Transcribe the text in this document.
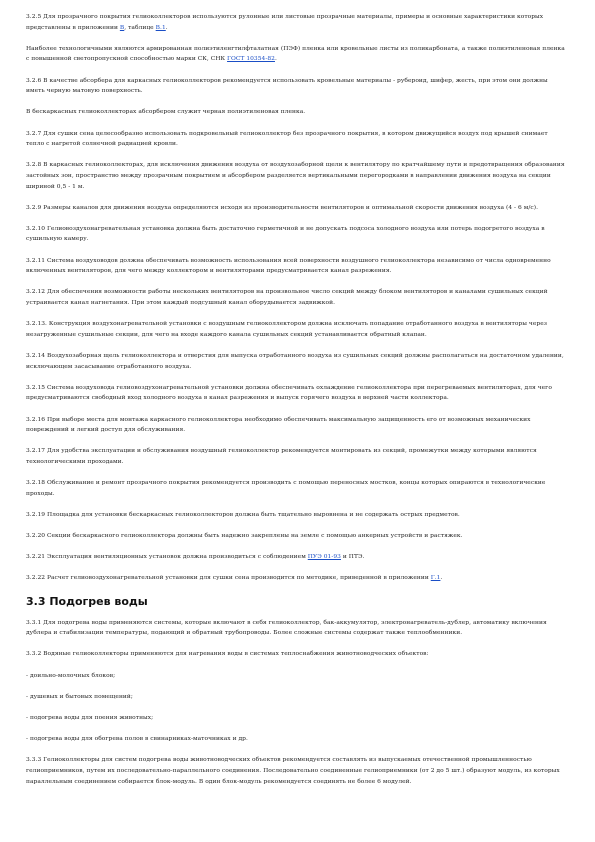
3.2.5 Для прозрачного покрытия гелиоколлекторов используются рулонные или листовые прозрачные материалы, примеры и основные характеристики которых представлены в приложении В, таблице В.1.

Наиболее технологичными являются армированная полиэтиленгтилфталатная (ПЭФ) пленка или кровельные листы из поликарбоната, а также полиэтиленовая пленка с повышенной светопропускной способностью марки СК, СНК ГОСТ 10354-82.

3.2.6 В качестве абсорбера для каркасных гелиоколлекторов рекомендуется использовать кровельные материалы - рубероид, шифер, жесть, при этом они должны иметь черную матовую поверхность.

В бескаркасных гелиоколлекторах абсорбером служит черная полиэтиленовая пленка.

3.2.7 Для сушки сена целесообразно использовать подкровельный гелиоколлектор без прозрачного покрытия, в котором движущийся воздух под крышей снимает тепло с нагретой солнечной радиацией кровли.

3.2.8 В каркасных гелиоколлекторах, для исключения движения воздуха от воздухозаборной щели к вентилятору по кратчайшему пути и предотвращения образования застойных зон, пространство между прозрачным покрытием и абсорбером разделяется вертикальными перегородками в направлении движения воздуха на секции шириной 0,5 - 1 м.

3.2.9 Размеры каналов для движения воздуха определяются исходя из производительности вентиляторов и оптимальной скорости движения воздуха (4 - 6 м/с).

3.2.10 Гелиовоздухонагревательная установка должна быть достаточно герметичной и не допускать подсоса холодного воздуха или потерь подогретого воздуха в сушильную камеру.

3.2.11 Система воздуховодов должна обеспечивать возможность использования всей поверхности воздушного гелиоколлектора независимо от числа одновременно включенных вентиляторов, для чего между коллектором и вентиляторами предусматривается канал разрежения.

3.2.12 Для обеспечения возможности работы нескольких вентиляторов на произвольное число секций между блоком вентиляторов и каналами сушильных секций устраивается канал нагнетания. При этом каждый подсушный канал оборудывается задвижкой.

3.2.13. Конструкция воздухонагревательной установки с воздушным гелиоколлектором должна исключать попадание отработанного воздуха в вентиляторы через незагруженные сушильные секции, для чего на входе каждого канала сушильных секций устанавливается обратный клапан.

3.2.14 Воздухозаборная щель гелиоколлектора и отверстия для выпуска отработанного воздуха из сушильных секций должны располагаться на достаточном удалении, исключающем засасывание отработанного воздуха.

3.2.15 Система воздуховода гелиовоздухонагревательной установки должна обеспечивать охлаждение гелиоколлектора при перегреваемых вентиляторах, для чего предусматриваются свободный вход холодного воздуха в канал разрежения и выпуск горячего воздуха в верхней части коллектора.

3.2.16 При выборе места для монтажа каркасного гелиоколлектора необходимо обеспечивать максимальную защищенность его от возможных механических повреждений и легкий доступ для обслуживания.

3.2.17 Для удобства эксплуатации и обслуживания воздушный гелиоколлектор рекомендуется монтировать из секций, промежутки между которыми являются технологическими проходами.

3.2.18 Обслуживание и ремонт прозрачного покрытия рекомендуется производить с помощью переносных мостков, концы которых опираются в технологические проходы.

3.2.19 Площадка для установки бескаркасных гелиоколлекторов должна быть тщательно выровнена и не содержать острых предметов.

3.2.20 Секции бескаркасного гелиоколлектора должны быть надежно закреплены на земле с помощью анкерных устройств и растяжек.

3.2.21 Эксплуатация вентиляционных установок должна производиться с соблюдением ПУЭ 01-93 и ПТЭ.

3.2.22 Расчет гелиовоздухонагревательной установки для сушки сена производится по методике, приведенной в приложении Г.1.

3.3 Подогрев воды

3.3.1 Для подогрева воды применяются системы, которые включают в себя гелиоколлектор, бак-аккумулятор, электронагреватель-дублер, автоматику включения дублера и стабилизации температуры, подающий и обратный трубопроводы. Более сложные системы содержат также теплообменники.

3.3.2 Водяные гелиоколлекторы применяются для нагревания воды в системах теплоснабжения животноводческих объектов:

- доильно-молочных блоков;

- душевых и бытовых помещений;

- подогрева воды для поения животных;

- подогрева воды для обогрева полов в свинарниках-маточниках и др.

3.3.3 Гелиоколлекторы для систем подогрева воды животноводческих объектов рекомендуется составлять из выпускаемых отечественной промышленностью гелиоприемников, путем их последовательно-параллельного соединения. Последовательно соединенные гелиоприемники (от 2 до 5 шт.) образуют модуль, из которых параллельным соединением собирается блок-модуль. В один блок-модуль рекомендуется соединять не более 6 модулей.
